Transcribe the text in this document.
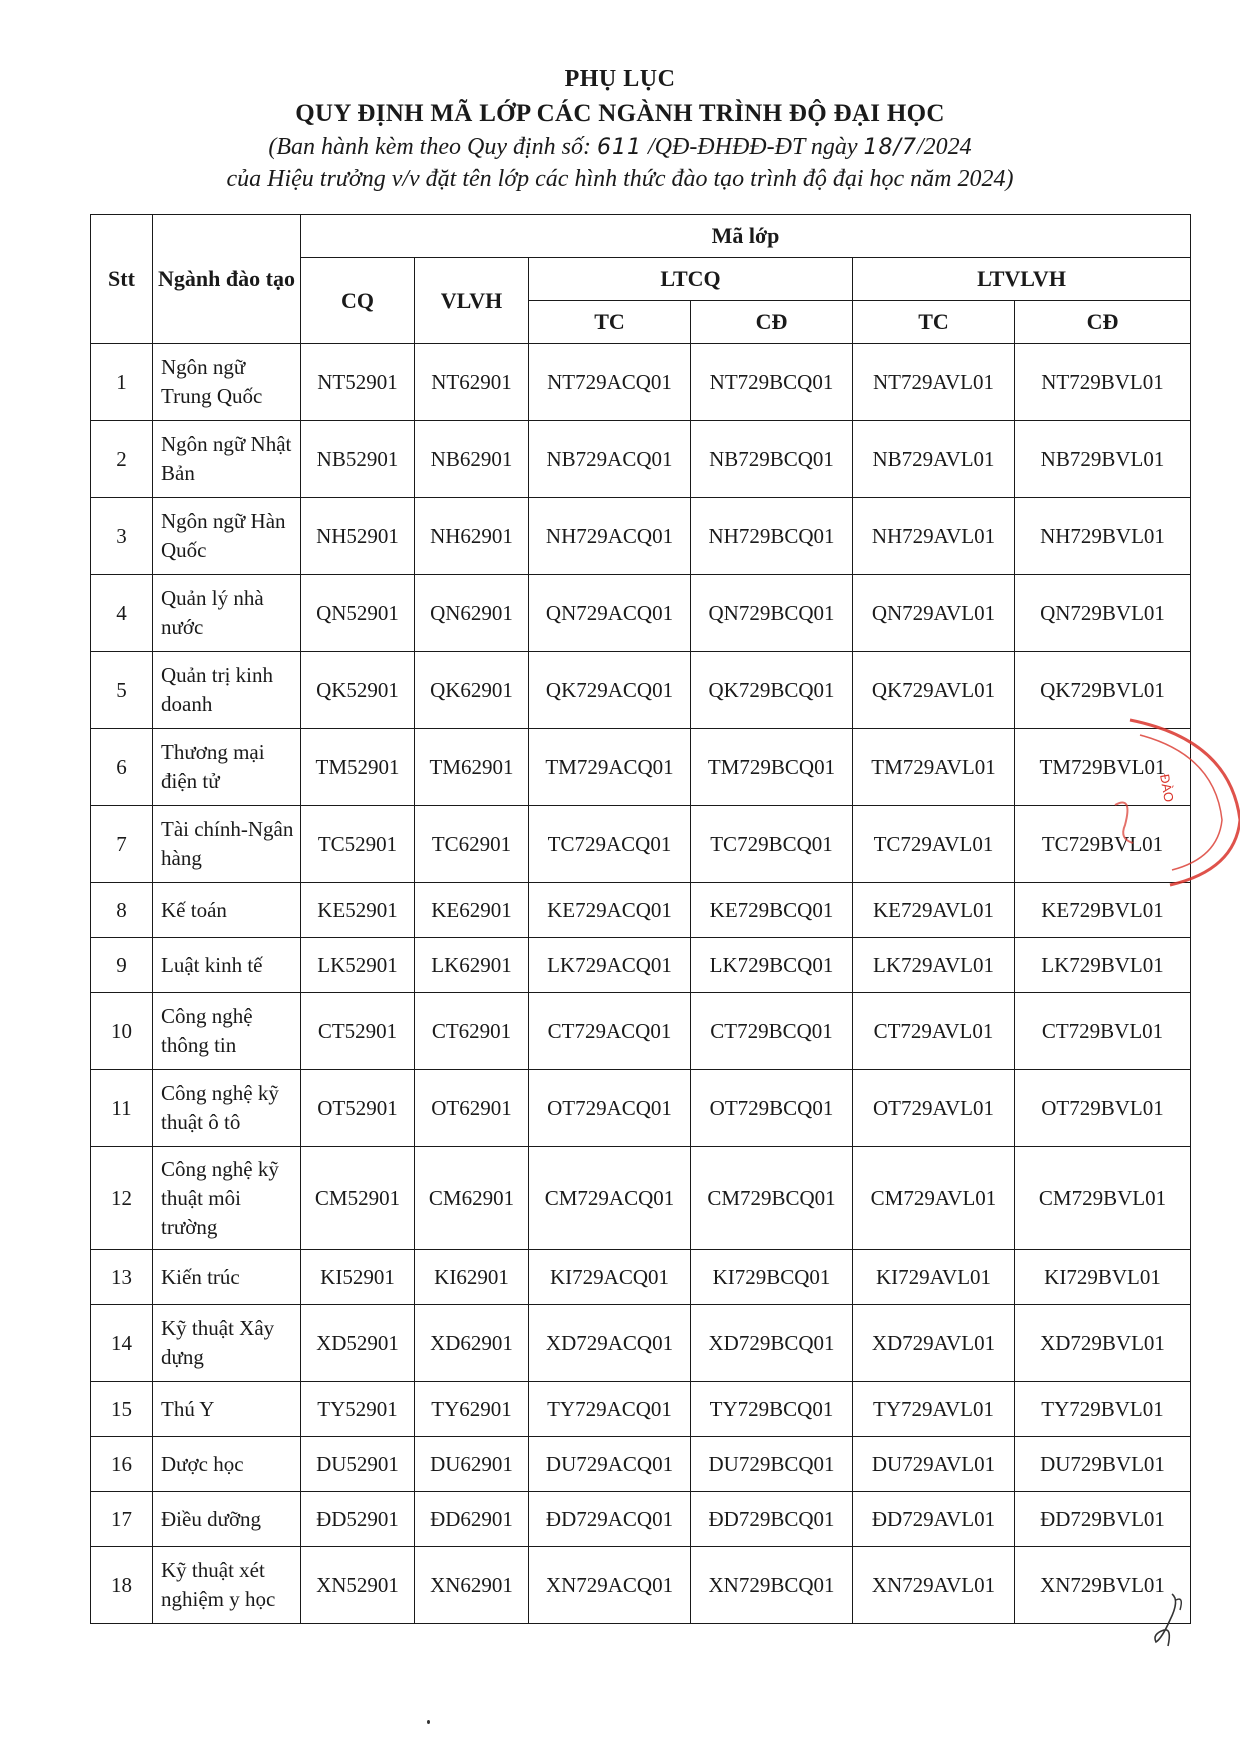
PHỤ LỤC
QUY ĐỊNH MÃ LỚP CÁC NGÀNH TRÌNH ĐỘ ĐẠI HỌC
(Ban hành kèm theo Quy định số: 611 /QĐ-ĐHĐĐ-ĐT ngày 18/7/2024
của Hiệu trưởng v/v đặt tên lớp các hình thức đào tạo trình độ đại học năm 2024)
Stt	Ngành đào tạo	Mã lớp					
		CQ	VLVH	LTCQ		LTVLVH	
				TC	CĐ	TC	CĐ
1	Ngôn ngữ Trung Quốc	NT52901	NT62901	NT729ACQ01	NT729BCQ01	NT729AVL01	NT729BVL01
2	Ngôn ngữ Nhật Bản	NB52901	NB62901	NB729ACQ01	NB729BCQ01	NB729AVL01	NB729BVL01
3	Ngôn ngữ Hàn Quốc	NH52901	NH62901	NH729ACQ01	NH729BCQ01	NH729AVL01	NH729BVL01
4	Quản lý nhà nước	QN52901	QN62901	QN729ACQ01	QN729BCQ01	QN729AVL01	QN729BVL01
5	Quản trị kinh doanh	QK52901	QK62901	QK729ACQ01	QK729BCQ01	QK729AVL01	QK729BVL01
6	Thương mại điện tử	TM52901	TM62901	TM729ACQ01	TM729BCQ01	TM729AVL01	TM729BVL01
7	Tài chính-Ngân hàng	TC52901	TC62901	TC729ACQ01	TC729BCQ01	TC729AVL01	TC729BVL01
8	Kế toán	KE52901	KE62901	KE729ACQ01	KE729BCQ01	KE729AVL01	KE729BVL01
9	Luật kinh tế	LK52901	LK62901	LK729ACQ01	LK729BCQ01	LK729AVL01	LK729BVL01
10	Công nghệ thông tin	CT52901	CT62901	CT729ACQ01	CT729BCQ01	CT729AVL01	CT729BVL01
11	Công nghệ kỹ thuật ô tô	OT52901	OT62901	OT729ACQ01	OT729BCQ01	OT729AVL01	OT729BVL01
12	Công nghệ kỹ thuật môi trường	CM52901	CM62901	CM729ACQ01	CM729BCQ01	CM729AVL01	CM729BVL01
13	Kiến trúc	KI52901	KI62901	KI729ACQ01	KI729BCQ01	KI729AVL01	KI729BVL01
14	Kỹ thuật Xây dựng	XD52901	XD62901	XD729ACQ01	XD729BCQ01	XD729AVL01	XD729BVL01
15	Thú Y	TY52901	TY62901	TY729ACQ01	TY729BCQ01	TY729AVL01	TY729BVL01
16	Dược học	DU52901	DU62901	DU729ACQ01	DU729BCQ01	DU729AVL01	DU729BVL01
17	Điều dưỡng	ĐD52901	ĐD62901	ĐD729ACQ01	ĐD729BCQ01	ĐD729AVL01	ĐD729BVL01
18	Kỹ thuật xét nghiệm y học	XN52901	XN62901	XN729ACQ01	XN729BCQ01	XN729AVL01	XN729BVL01
ĐÀO
